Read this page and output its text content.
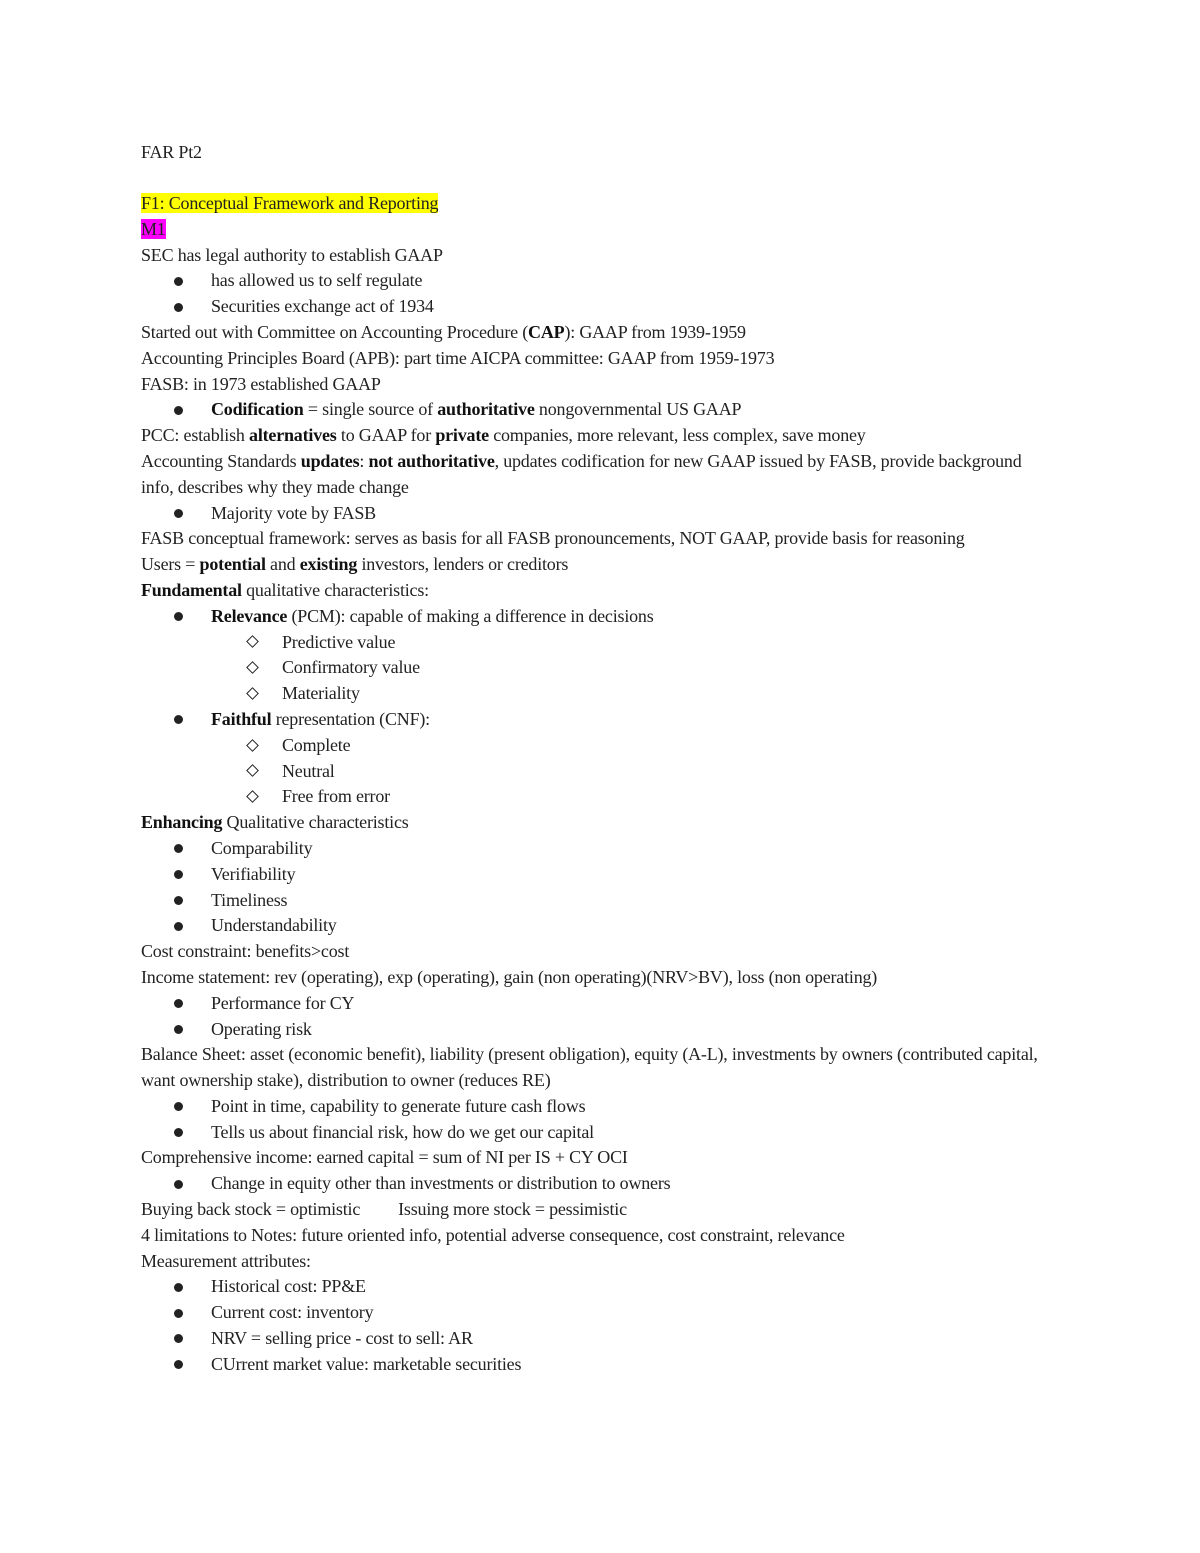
FAR Pt2
F1: Conceptual Framework and Reporting
M1
SEC has legal authority to establish GAAP
has allowed us to self regulate
Securities exchange act of 1934
Started out with Committee on Accounting Procedure (CAP): GAAP from 1939-1959
Accounting Principles Board (APB): part time AICPA committee: GAAP from 1959-1973
FASB: in 1973 established GAAP
Codification = single source of authoritative nongovernmental US GAAP
PCC: establish alternatives to GAAP for private companies, more relevant, less complex, save money
Accounting Standards updates: not authoritative, updates codification for new GAAP issued by FASB, provide background info, describes why they made change
Majority vote by FASB
FASB conceptual framework: serves as basis for all FASB pronouncements, NOT GAAP, provide basis for reasoning
Users = potential and existing investors, lenders or creditors
Fundamental qualitative characteristics:
Relevance (PCM): capable of making a difference in decisions
Predictive value
Confirmatory value
Materiality
Faithful representation (CNF):
Complete
Neutral
Free from error
Enhancing Qualitative characteristics
Comparability
Verifiability
Timeliness
Understandability
Cost constraint: benefits>cost
Income statement: rev (operating), exp (operating), gain (non operating)(NRV>BV), loss (non operating)
Performance for CY
Operating risk
Balance Sheet: asset (economic benefit), liability (present obligation), equity (A-L), investments by owners (contributed capital, want ownership stake), distribution to owner (reduces RE)
Point in time, capability to generate future cash flows
Tells us about financial risk, how do we get our capital
Comprehensive income: earned capital = sum of NI per IS + CY OCI
Change in equity other than investments or distribution to owners
Buying back stock = optimistic Issuing more stock = pessimistic
4 limitations to Notes: future oriented info, potential adverse consequence, cost constraint, relevance
Measurement attributes:
Historical cost: PP&E
Current cost: inventory
NRV = selling price - cost to sell: AR
CUrrent market value: marketable securities
